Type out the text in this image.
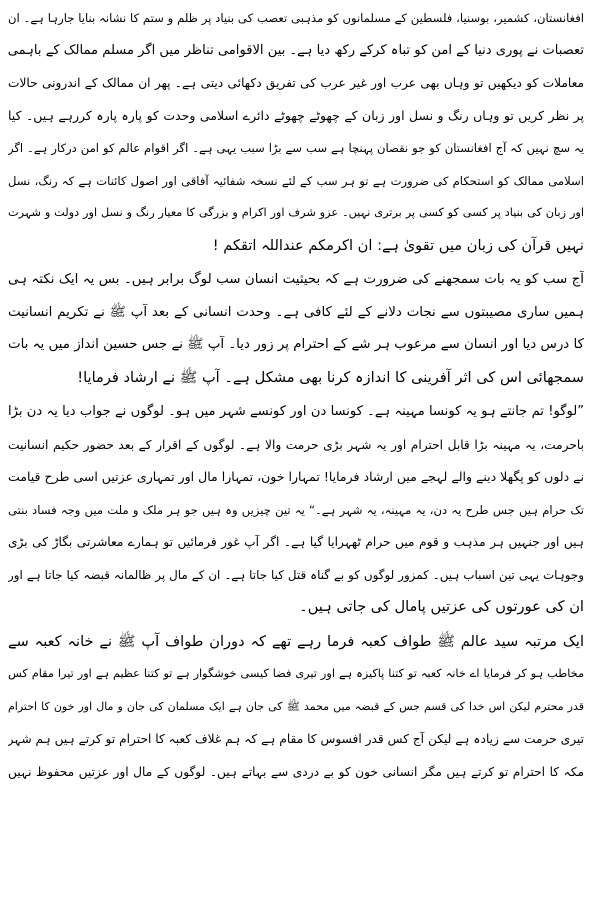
افغانستان، کشمیر، بوسنیا، فلسطین کے مسلمانوں کو مذہبی تعصب کی بنیاد پر ظلم و ستم کا نشانہ بنایا جارہا ہے۔ ان
تعصبات نے پوری دنیا کے امن کو تباہ کرکے رکھ دیا ہے۔ بین الاقوامی تناظر میں اگر مسلم ممالک کے باہمی
معاملات کو دیکھیں تو وہاں بھی عرب اور غیر عرب کی تفریق دکھائی دیتی ہے۔ پھر ان ممالک کے اندرونی حالات
پر نظر کریں تو وہاں رنگ و نسل اور زبان کے چھوٹے چھوٹے دائرے اسلامی وحدت کو پارہ پارہ کررہے ہیں۔ کیا
یہ سچ نہیں کہ آج افغانستان کو جو نقصان پہنچا ہے سب سے بڑا سبب یہی ہے۔ اگر اقوام عالم کو امن درکار ہے۔ اگر
اسلامی ممالک کو استحکام کی ضرورت ہے تو ہر سب کے لئے نسخہ شفائیہ آفاقی اور اصول کائنات ہے کہ رنگ، نسل
اور زبان کی بنیاد پر کسی کو کسی پر برتری نہیں۔ عزو شرف اور اکرام و بزرگی کا معیار رنگ و نسل اور دولت و شہرت
نہیں قرآن کی زبان میں تقویٰ ہے: ان اکرمکم عنداللہ اتقکم !
آج سب کو یہ بات سمجھنے کی ضرورت ہے کہ بحیثیت انسان سب لوگ برابر ہیں۔ بس یہ ایک نکتہ ہی
ہمیں ساری مصیبتوں سے نجات دلانے کے لئے کافی ہے۔ وحدت انسانی کے بعد آپ ﷺ نے تکریم انسانیت
کا درس دیا اور انسان سے مرعوب ہر شے کے احترام پر زور دیا۔ آپ ﷺ نے جس حسین انداز میں یہ بات
سمجھائی اس کی اثر آفرینی کا اندازہ کرنا بھی مشکل ہے۔ آپ ﷺ نے ارشاد فرمایا!
”لوگو! تم جانتے ہو یہ کونسا مہینہ ہے۔ کونسا دن اور کونسے شہر میں ہو۔ لوگوں نے جواب دیا یہ دن بڑا
باحرمت، یہ مہینہ بڑا قابل احترام اور یہ شہر بڑی حرمت والا ہے۔ لوگوں کے اقرار کے بعد حضور حکیم انسانیت
نے دلوں کو پگھلا دینے والے لہجے میں ارشاد فرمایا! تمہارا خون، تمہارا مال اور تمہاری عزتیں اسی طرح قیامت
تک حرام ہیں جس طرح یہ دن، یہ مہینہ، یہ شہر ہے۔“ یہ تین چیزیں وہ ہیں جو ہر ملک و ملت میں وجہ فساد بنتی
ہیں اور جنہیں ہر مذہب و قوم میں حرام ٹھہرایا گیا ہے۔ اگر آپ غور فرمائیں تو ہمارے معاشرتی بگاڑ کی بڑی
وجوہات یہی تین اسباب ہیں۔ کمزور لوگوں کو بے گناہ قتل کیا جاتا ہے۔ ان کے مال پر ظالمانہ قبضہ کیا جاتا ہے اور
ان کی عورتوں کی عزتیں پامال کی جاتی ہیں۔
ایک مرتبہ سید عالم ﷺ طواف کعبہ فرما رہے تھے کہ دوران طواف آپ ﷺ نے خانہ کعبہ سے
مخاطب ہو کر فرمایا اے خانہ کعبہ تو کتنا پاکیزہ ہے اور تیری فضا کیسی خوشگوار ہے تو کتنا عظیم ہے اور تیرا مقام کس
قدر محترم لیکن اس خدا کی قسم جس کے قبضہ میں محمد ﷺ کی جان ہے ایک مسلمان کی جان و مال اور خون کا احترام
تیری حرمت سے زیادہ ہے لیکن آج کس قدر افسوس کا مقام ہے کہ ہم غلاف کعبہ کا احترام تو کرتے ہیں ہم شہر
مکہ کا احترام تو کرتے ہیں مگر انسانی خون کو بے دردی سے بہاتے ہیں۔ لوگوں کے مال اور عزتیں محفوظ نہیں
